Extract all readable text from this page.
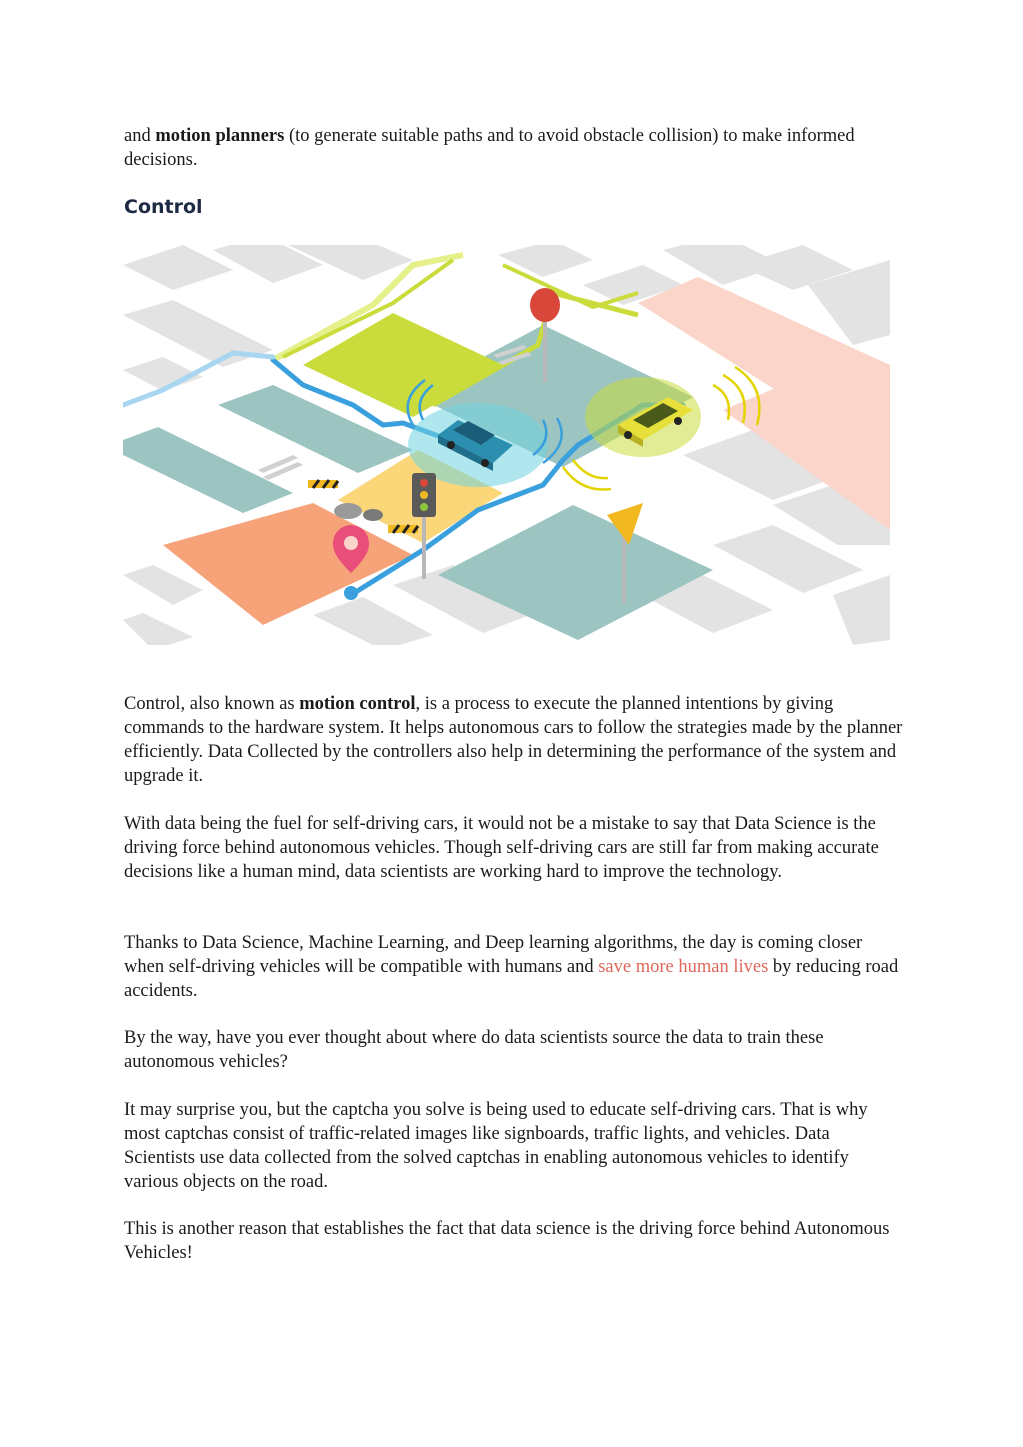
and motion planners (to generate suitable paths and to avoid obstacle collision) to make informed decisions.

Control

Control, also known as motion control, is a process to execute the planned intentions by giving commands to the hardware system. It helps autonomous cars to follow the strategies made by the planner efficiently. Data Collected by the controllers also help in determining the performance of the system and upgrade it.

With data being the fuel for self-driving cars, it would not be a mistake to say that Data Science is the driving force behind autonomous vehicles. Though self-driving cars are still far from making accurate decisions like a human mind, data scientists are working hard to improve the technology.

Thanks to Data Science, Machine Learning, and Deep learning algorithms, the day is coming closer when self-driving vehicles will be compatible with humans and save more human lives by reducing road accidents.

By the way, have you ever thought about where do data scientists source the data to train these autonomous vehicles?

It may surprise you, but the captcha you solve is being used to educate self-driving cars. That is why most captchas consist of traffic-related images like signboards, traffic lights, and vehicles. Data Scientists use data collected from the solved captchas in enabling autonomous vehicles to identify various objects on the road.

This is another reason that establishes the fact that data science is the driving force behind Autonomous Vehicles!
